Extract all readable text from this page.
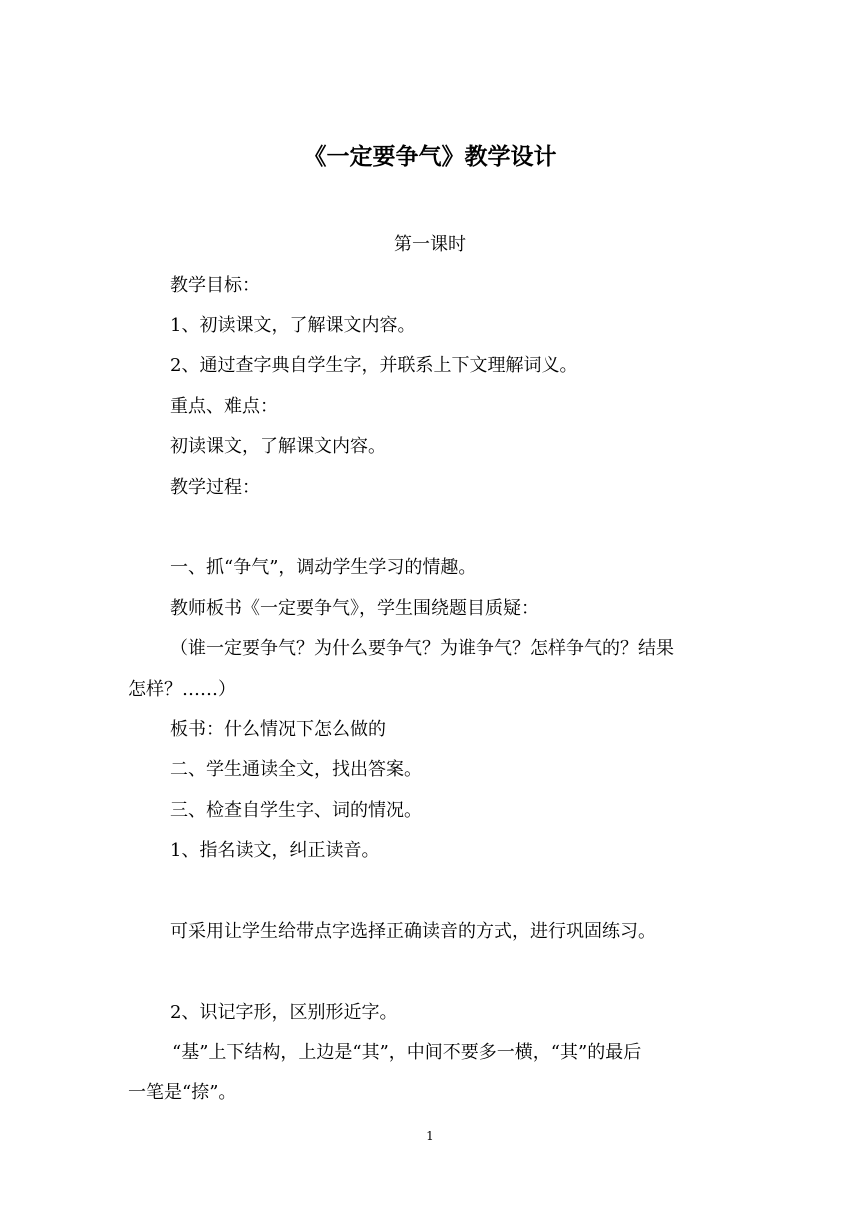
《一定要争气》教学设计
第一课时
教学目标：
1、初读课文，了解课文内容。
2、通过查字典自学生字，并联系上下文理解词义。
重点、难点：
初读课文，了解课文内容。
教学过程：
一、抓“争气”，调动学生学习的情趣。
教师板书《一定要争气》，学生围绕题目质疑：
（谁一定要争气？为什么要争气？为谁争气？怎样争气的？结果
怎样？……）
板书：什么情况下怎么做的
二、学生通读全文，找出答案。
三、检查自学生字、词的情况。
1、指名读文，纠正读音。
可采用让学生给带点字选择正确读音的方式，进行巩固练习。
2、识记字形，区别形近字。
“基”上下结构，上边是“其”，中间不要多一横，“其”的最后
一笔是“捺”。
1
